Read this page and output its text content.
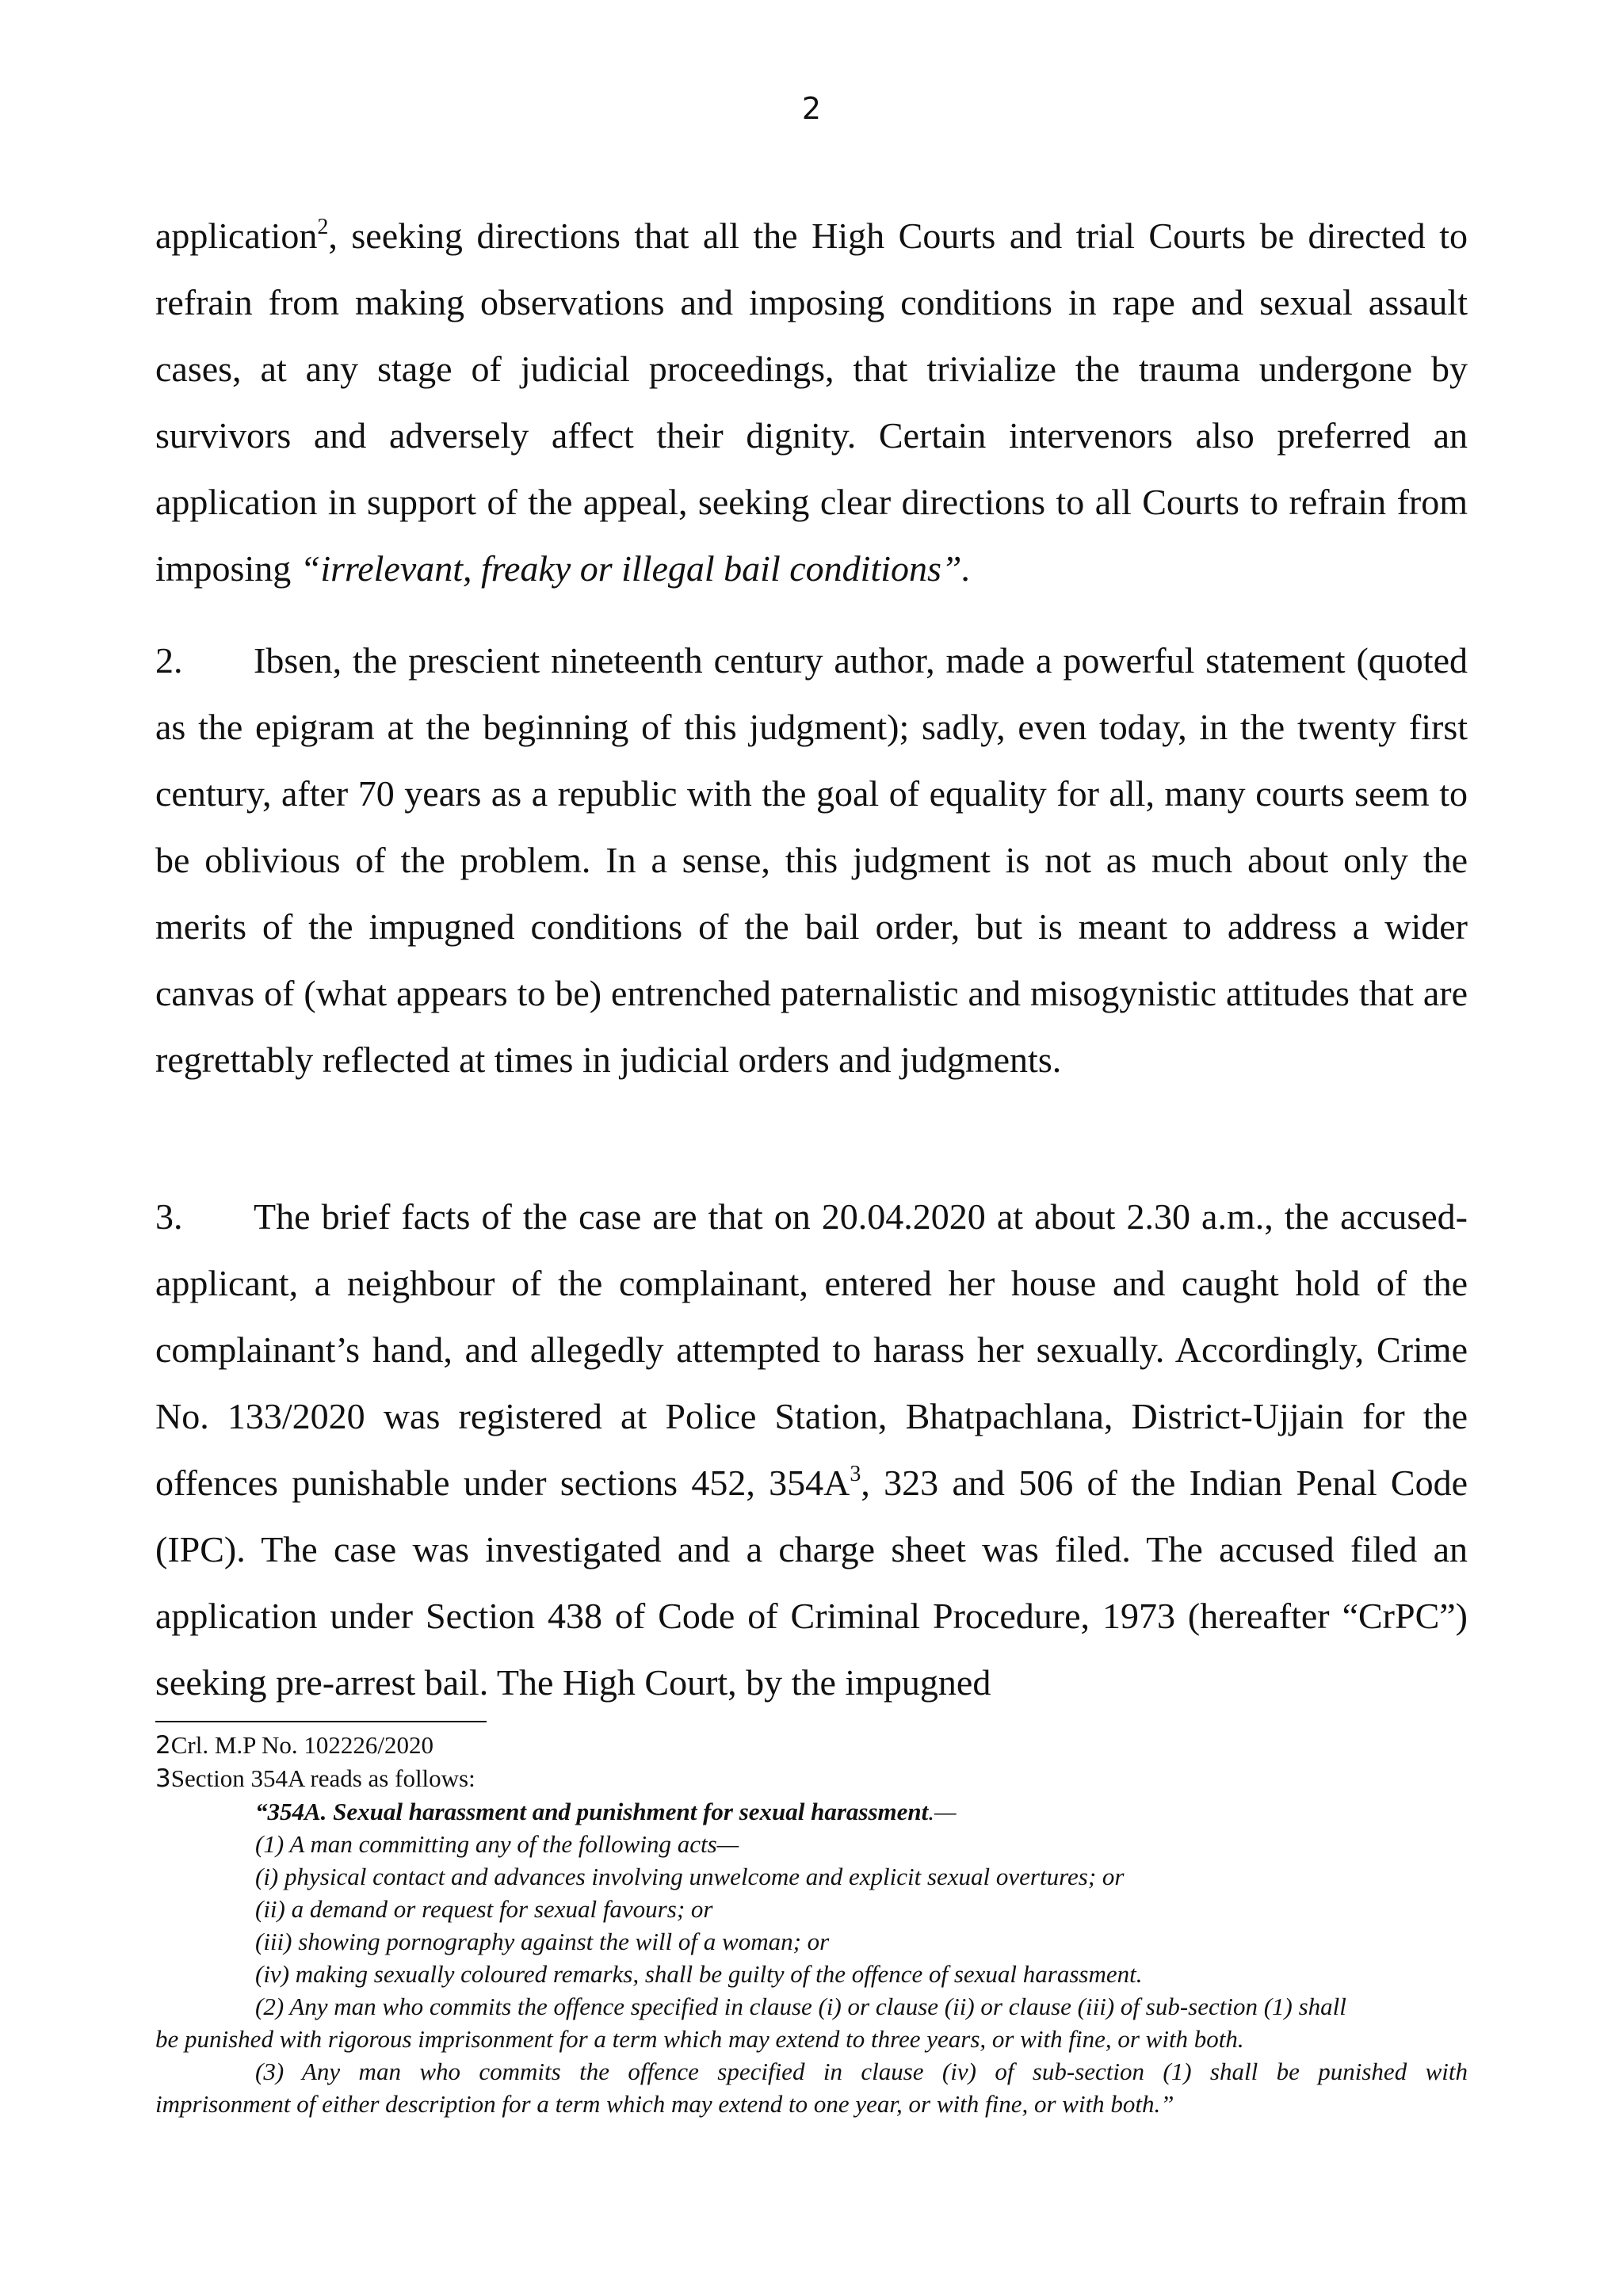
2

application$^2$, seeking directions that all the High Courts and trial Courts be directed to refrain from making observations and imposing conditions in rape and sexual assault cases, at any stage of judicial proceedings, that trivialize the trauma undergone by survivors and adversely affect their dignity. Certain intervenors also preferred an application in support of the appeal, seeking clear directions to all Courts to refrain from imposing “irrelevant, freaky or illegal bail conditions”.

2. Ibsen, the prescient nineteenth century author, made a powerful statement (quoted as the epigram at the beginning of this judgment); sadly, even today, in the twenty first century, after 70 years as a republic with the goal of equality for all, many courts seem to be oblivious of the problem. In a sense, this judgment is not as much about only the merits of the impugned conditions of the bail order, but is meant to address a wider canvas of (what appears to be) entrenched paternalistic and misogynistic attitudes that are regrettably reflected at times in judicial orders and judgments.

3. The brief facts of the case are that on 20.04.2020 at about 2.30 a.m., the accused-applicant, a neighbour of the complainant, entered her house and caught hold of the complainant’s hand, and allegedly attempted to harass her sexually. Accordingly, Crime No. 133/2020 was registered at Police Station, Bhatpachlana, District-Ujjain for the offences punishable under sections 452, $354A^3$, 323 and 506 of the Indian Penal Code (IPC). The case was investigated and a charge sheet was filed. The accused filed an application under Section 438 of Code of Criminal Procedure, 1973 (hereafter “CrPC”) seeking pre-arrest bail. The High Court, by the impugned

2Crl. M.P No. 102226/2020

3Section 354A reads as follows:

“354A. Sexual harassment and punishment for sexual harassment.—

(1) A man committing any of the following acts—

(i) physical contact and advances involving unwelcome and explicit sexual overtures; or

(ii) a demand or request for sexual favours; or

(iii) showing pornography against the will of a woman; or

(iv) making sexually coloured remarks, shall be guilty of the offence of sexual harassment.

(2) Any man who commits the offence specified in clause (i) or clause (ii) or clause (iii) of sub-section (1) shall

be punished with rigorous imprisonment for a term which may extend to three years, or with fine, or with both.

(3) Any man who commits the offence specified in clause (iv) of sub-section (1) shall be punished with

imprisonment of either description for a term which may extend to one year, or with fine, or with both.”
